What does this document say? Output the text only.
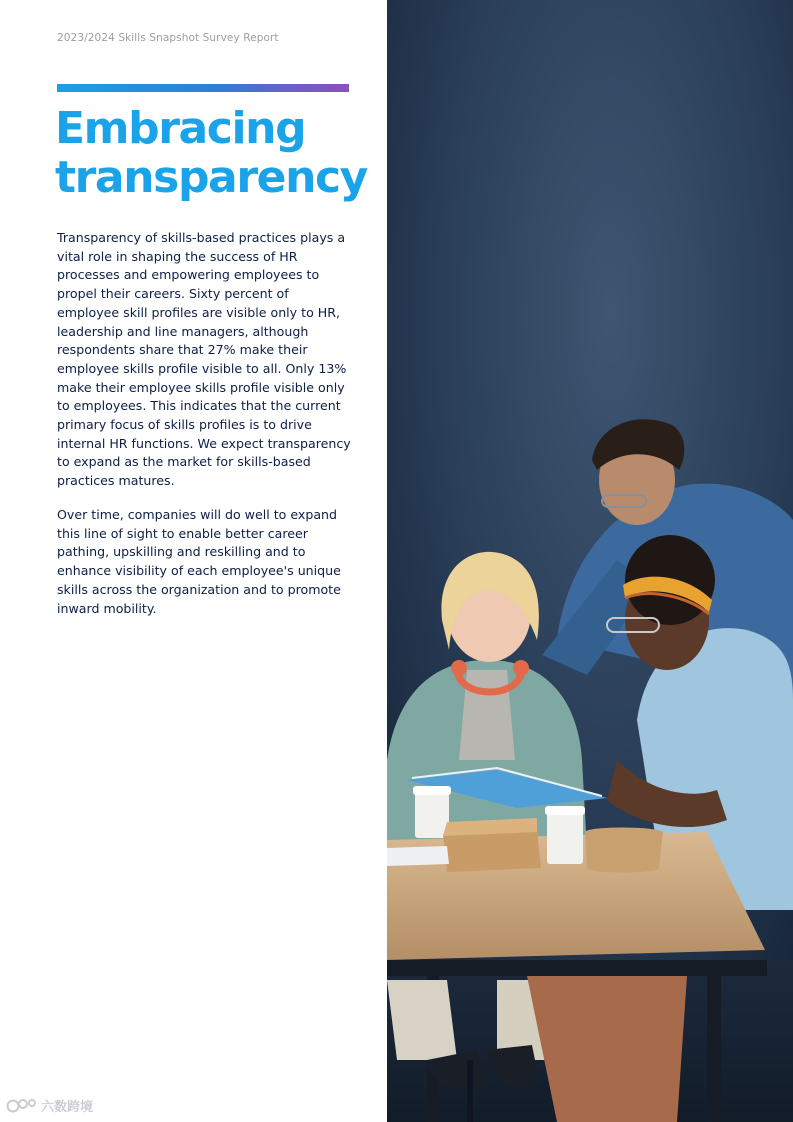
2023/2024 Skills Snapshot Survey Report
Embracing
transparency

Transparency of skills-based practices plays a vital role in shaping the success of HR processes and empowering employees to propel their careers. Sixty percent of employee skill profiles are visible only to HR, leadership and line managers, although respondents share that 27% make their employee skills profile visible to all. Only 13% make their employee skills profile visible only to employees. This indicates that the current primary focus of skills profiles is to drive internal HR functions. We expect transparency to expand as the market for skills-based practices matures.

Over time, companies will do well to expand this line of sight to enable better career pathing, upskilling and reskilling and to enhance visibility of each employee's unique skills across the organization and to promote inward mobility.

六数跨境
